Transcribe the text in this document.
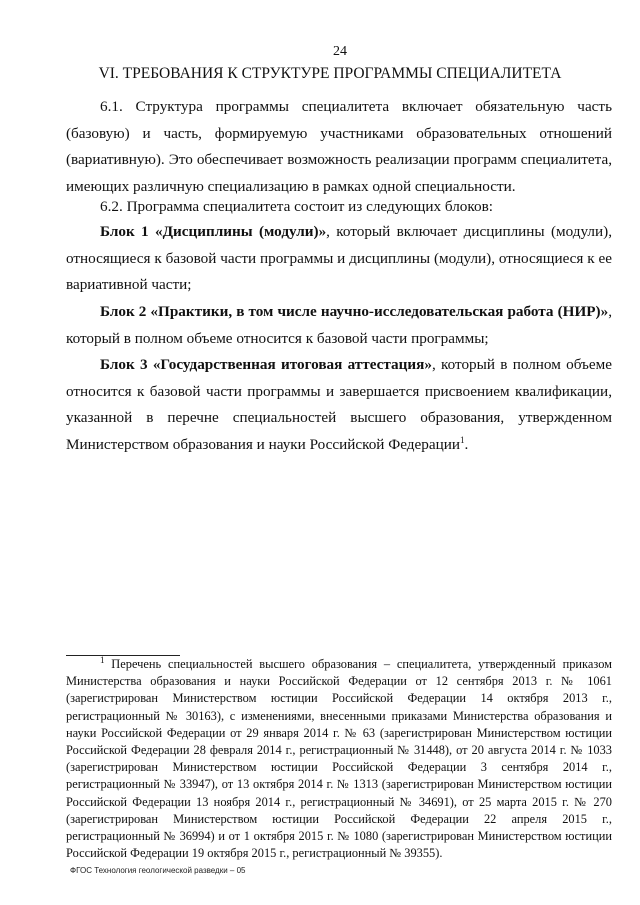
24
VI. ТРЕБОВАНИЯ К СТРУКТУРЕ ПРОГРАММЫ СПЕЦИАЛИТЕТА
6.1. Структура программы специалитета включает обязательную часть (базовую) и часть, формируемую участниками образовательных отношений (вариативную). Это обеспечивает возможность реализации программ специалитета, имеющих различную специализацию в рамках одной специальности.
6.2. Программа специалитета состоит из следующих блоков:
Блок 1 «Дисциплины (модули)», который включает дисциплины (модули), относящиеся к базовой части программы и дисциплины (модули), относящиеся к ее вариативной части;
Блок 2 «Практики, в том числе научно-исследовательская работа (НИР)», который в полном объеме относится к базовой части программы;
Блок 3 «Государственная итоговая аттестация», который в полном объеме относится к базовой части программы и завершается присвоением квалификации, указанной в перечне специальностей высшего образования, утвержденном Министерством образования и науки Российской Федерации$^1$.
$^1$ Перечень специальностей высшего образования – специалитета, утвержденный приказом Министерства образования и науки Российской Федерации от 12 сентября 2013 г. № 1061 (зарегистрирован Министерством юстиции Российской Федерации 14 октября 2013 г., регистрационный № 30163), с изменениями, внесенными приказами Министерства образования и науки Российской Федерации от 29 января 2014 г. № 63 (зарегистрирован Министерством юстиции Российской Федерации 28 февраля 2014 г., регистрационный № 31448), от 20 августа 2014 г. № 1033 (зарегистрирован Министерством юстиции Российской Федерации 3 сентября 2014 г., регистрационный № 33947), от 13 октября 2014 г. № 1313 (зарегистрирован Министерством юстиции Российской Федерации 13 ноября 2014 г., регистрационный № 34691), от 25 марта 2015 г. № 270 (зарегистрирован Министерством юстиции Российской Федерации 22 апреля 2015 г., регистрационный № 36994) и от 1 октября 2015 г. № 1080 (зарегистрирован Министерством юстиции Российской Федерации 19 октября 2015 г., регистрационный № 39355).
ФГОС Технология геологической разведки – 05
